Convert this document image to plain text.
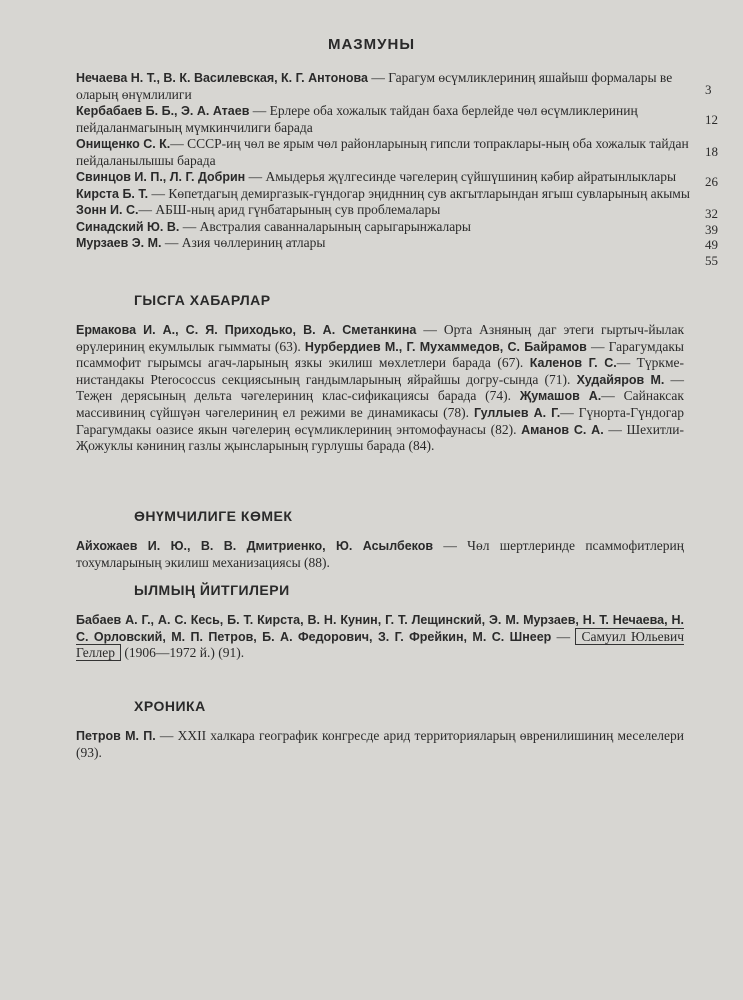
МАЗМУНЫ

Нечаева Н. Т., В. К. Василевская, К. Г. Антонова — Гарагум өсүмликлериниң яшайыш формалары ве оларың өнүмлилиги

Кербабаев Б. Б., Э. А. Атаев — Ерлере оба хожалык тайдан баха берлейде чөл өсүмликлериниң пейдаланмагының мүмкинчилиги барада

Онищенко С. К.— СССР-иң чөл ве ярым чөл районларының гипсли топраклары-ның оба хожалык тайдан пейдаланылышы барада

Свинцов И. П., Л. Г. Добрин — Амыдерья җүлгесинде чәгелериң сүйшүшиниң кәбир айратынлыклары

Кирста Б. Т. — Көпетдагың демиргазык-гүндогар эңиднниң сув акгытларындан ягыш сувларының акымы

Зонн И. С.— АБШ-ның арид гүнбатарының сув проблемалары

Синадский Ю. В. — Австралия саванналарының сарыгарынжалары

Мурзаев Э. М. — Азия чөллериниң атлары

3
12
18
26
32
39
49
55
ГЫСГА ХАБАРЛАР
Ермакова И. А., С. Я. Приходько, В. А. Сметанкина — Орта Азняның даг этеги гыртыч-йылак өрүлериниң екумлылык гымматы (63). Нурбердиев М., Г. Мухаммедов, С. Байрамов — Гарагумдакы псаммофит гырымсы агач-ларының язкы экилиш мөхлетлери барада (67). Каленов Г. С.— Түркме-нистандакы Pterococcus секциясының гандымларының яйрайшы догру-сында (71). Худайяров М. — Теҗен дерясының дельта чәгелериниң клас-сификациясы барада (74). Җумашов А.— Сайнаксак массивиниң сүйшүән чәгелериниң ел режими ве динамикасы (78). Гуллыев А. Г.— Гүнорта-Гүндогар Гарагумдакы оазисе якын чәгелериң өсүмликлериниң энтомофаунасы (82). Аманов С. А. — Шехитли-Җожуклы кәниниң газлы җынсларының гурлушы барада (84).
ӨНҮМЧИЛИГЕ КӨМЕК
Айхожаев И. Ю., В. В. Дмитриенко, Ю. Асылбеков — Чөл шертлеринде псаммофитлериң тохумларының экилиш механизациясы (88).
ЫЛМЫҢ ЙИТГИЛЕРИ
Бабаев А. Г., А. С. Кесь, Б. Т. Кирста, В. Н. Кунин, Г. Т. Лещинский, Э. М. Мурзаев, Н. Т. Нечаева, Н. С. Орловский, М. П. Петров, Б. А. Федорович, З. Г. Фрейкин, М. С. Шнеер — Самуил Юльевич Геллер (1906—1972 й.) (91).
ХРОНИКА
Петров М. П. — XXII халкара географик конгресде арид территорияларың өвренилишиниң меселелери (93).
